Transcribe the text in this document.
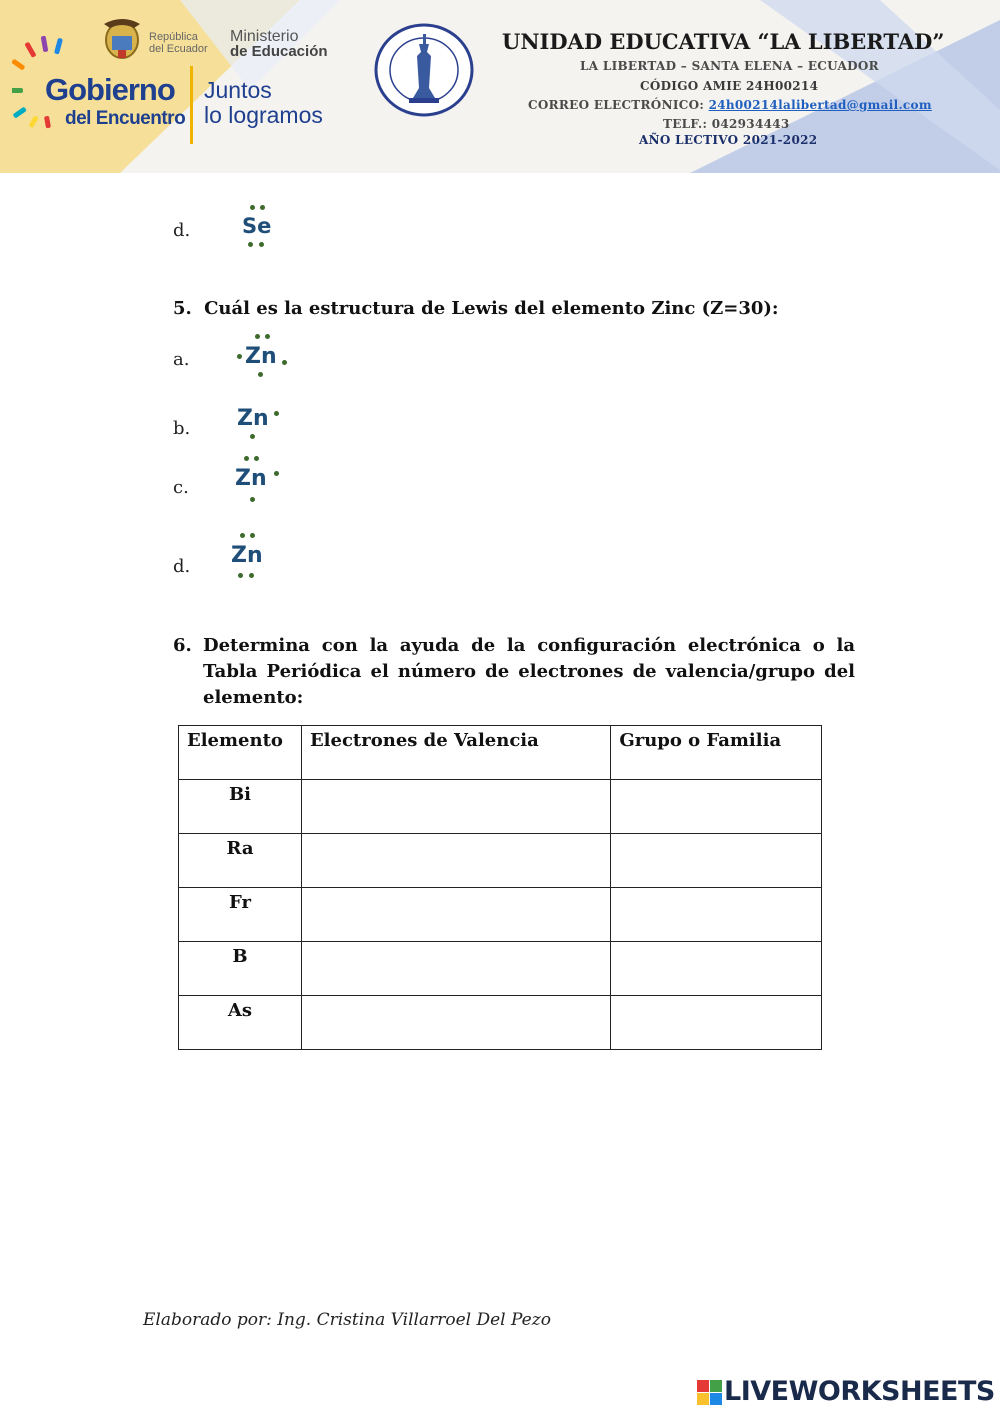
República
del Ecuador
Ministerio
de Educación
Gobierno
del Encuentro
Juntos
lo logramos
UNIDAD EDUCATIVA “LA LIBERTAD”
LA LIBERTAD – SANTA ELENA – ECUADOR
CÓDIGO AMIE 24H00214
CORREO ELECTRÓNICO: 24h00214lalibertad@gmail.com
TELF.: 042934443
AÑO LECTIVO 2021-2022
d. Se
5. Cuál es la estructura de Lewis del elemento Zinc (Z=30):
a.	Zn
b. Zn
c. Zn
d. Zn
6. Determina con la ayuda de la configuración electrónica o la Tabla Periódica el número de electrones de valencia/grupo del elemento:
Elemento	Electrones de Valencia	Grupo o Familia
Bi		
Ra		
Fr		
B		
As		
Elaborado por: Ing. Cristina Villarroel Del Pezo
LIVEWORKSHEETS
